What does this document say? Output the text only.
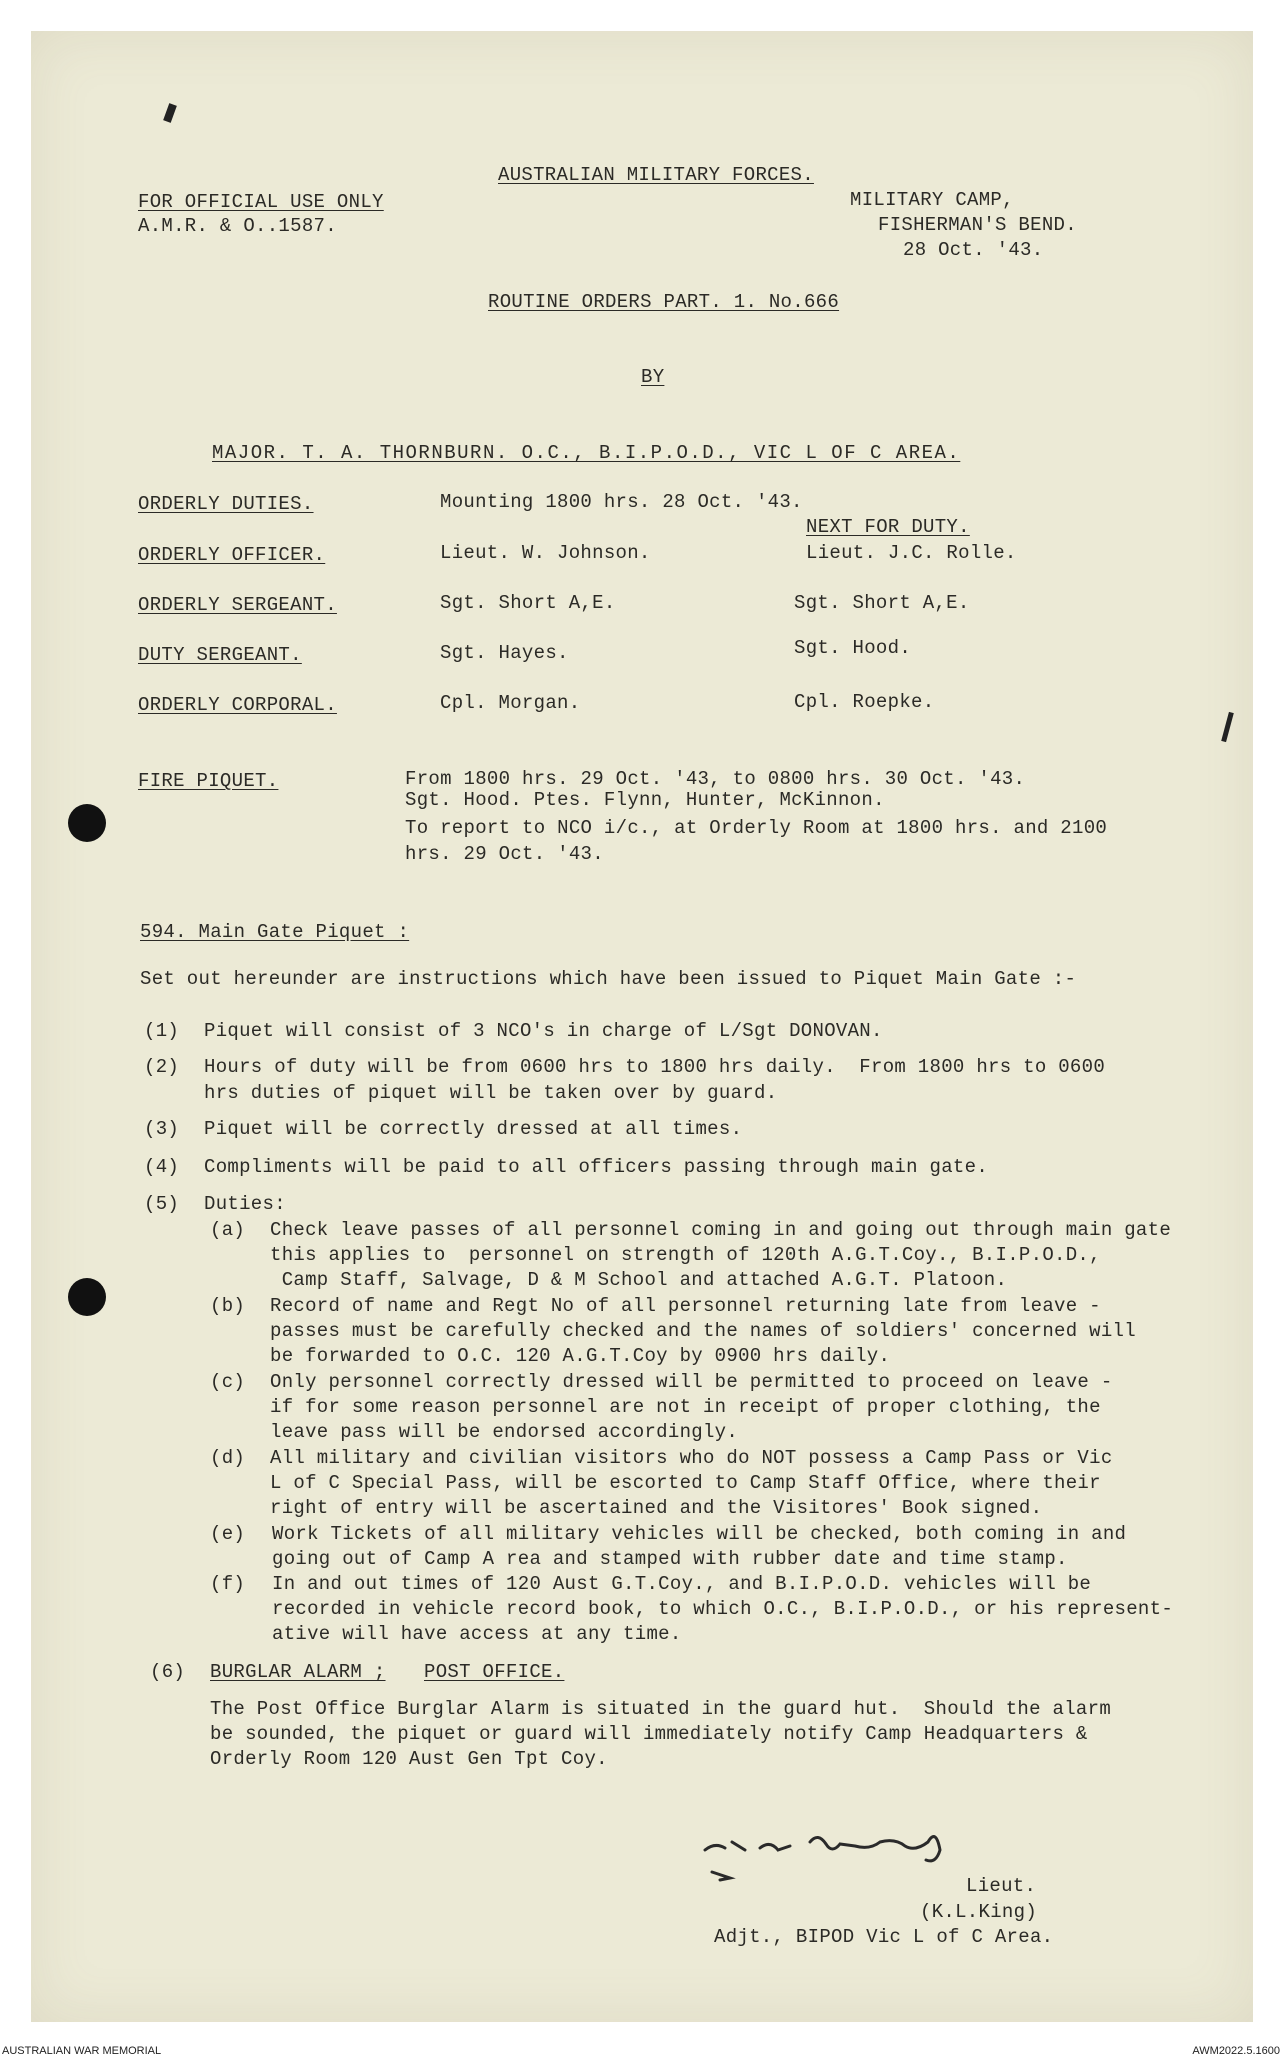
AUSTRALIAN MILITARY FORCES.
FOR OFFICIAL USE ONLY
A.M.R. & O..1587.
MILITARY CAMP,
FISHERMAN'S BEND.
28 Oct. '43.
ROUTINE ORDERS PART. 1. No.666
BY
MAJOR. T. A. THORNBURN. O.C., B.I.P.O.D., VIC L OF C AREA.
ORDERLY DUTIES.	Mounting 1800 hrs. 28 Oct. '43.
NEXT FOR DUTY.
ORDERLY OFFICER.	Lieut. W. Johnson.	Lieut. J.C. Rolle.
ORDERLY SERGEANT.	Sgt. Short A,E.	Sgt. Short A,E.
DUTY SERGEANT.	Sgt. Hayes.	Sgt. Hood.
ORDERLY CORPORAL.	Cpl. Morgan.	Cpl. Roepke.
FIRE PIQUET.	From 1800 hrs. 29 Oct. '43, to 0800 hrs. 30 Oct. '43.
Sgt. Hood. Ptes. Flynn, Hunter, McKinnon.
To report to NCO i/c., at Orderly Room at 1800 hrs. and 2100
hrs. 29 Oct. '43.
594. Main Gate Piquet :
Set out hereunder are instructions which have been issued to Piquet Main Gate :-
(1) Piquet will consist of 3 NCO's in charge of L/Sgt DONOVAN.
(2) Hours of duty will be from 0600 hrs to 1800 hrs daily.  From 1800 hrs to 0600
hrs duties of piquet will be taken over by guard.
(3) Piquet will be correctly dressed at all times.
(4) Compliments will be paid to all officers passing through main gate.
(5) Duties:
(a) Check leave passes of all personnel coming in and going out through main gate
this applies to  personnel on strength of 120th A.G.T.Coy., B.I.P.O.D.,
Camp Staff, Salvage, D & M School and attached A.G.T. Platoon.
(b) Record of name and Regt No of all personnel returning late from leave -
passes must be carefully checked and the names of soldiers' concerned will
be forwarded to O.C. 120 A.G.T.Coy by 0900 hrs daily.
(c) Only personnel correctly dressed will be permitted to proceed on leave -
if for some reason personnel are not in receipt of proper clothing, the
leave pass will be endorsed accordingly.
(d) All military and civilian visitors who do NOT possess a Camp Pass or Vic
L of C Special Pass, will be escorted to Camp Staff Office, where their
right of entry will be ascertained and the Visitores' Book signed.
(e) Work Tickets of all military vehicles will be checked, both coming in and
going out of Camp A rea and stamped with rubber date and time stamp.
(f) In and out times of 120 Aust G.T.Coy., and B.I.P.O.D. vehicles will be
recorded in vehicle record book, to which O.C., B.I.P.O.D., or his represent-
ative will have access at any time.
(6) BURGLAR ALARM ; POST OFFICE.
The Post Office Burglar Alarm is situated in the guard hut.  Should the alarm
be sounded, the piquet or guard will immediately notify Camp Headquarters &
Orderly Room 120 Aust Gen Tpt Coy.
Lieut.
(K.L.King)
Adjt., BIPOD Vic L of C Area.
AUSTRALIAN WAR MEMORIAL	AWM2022.5.1600
